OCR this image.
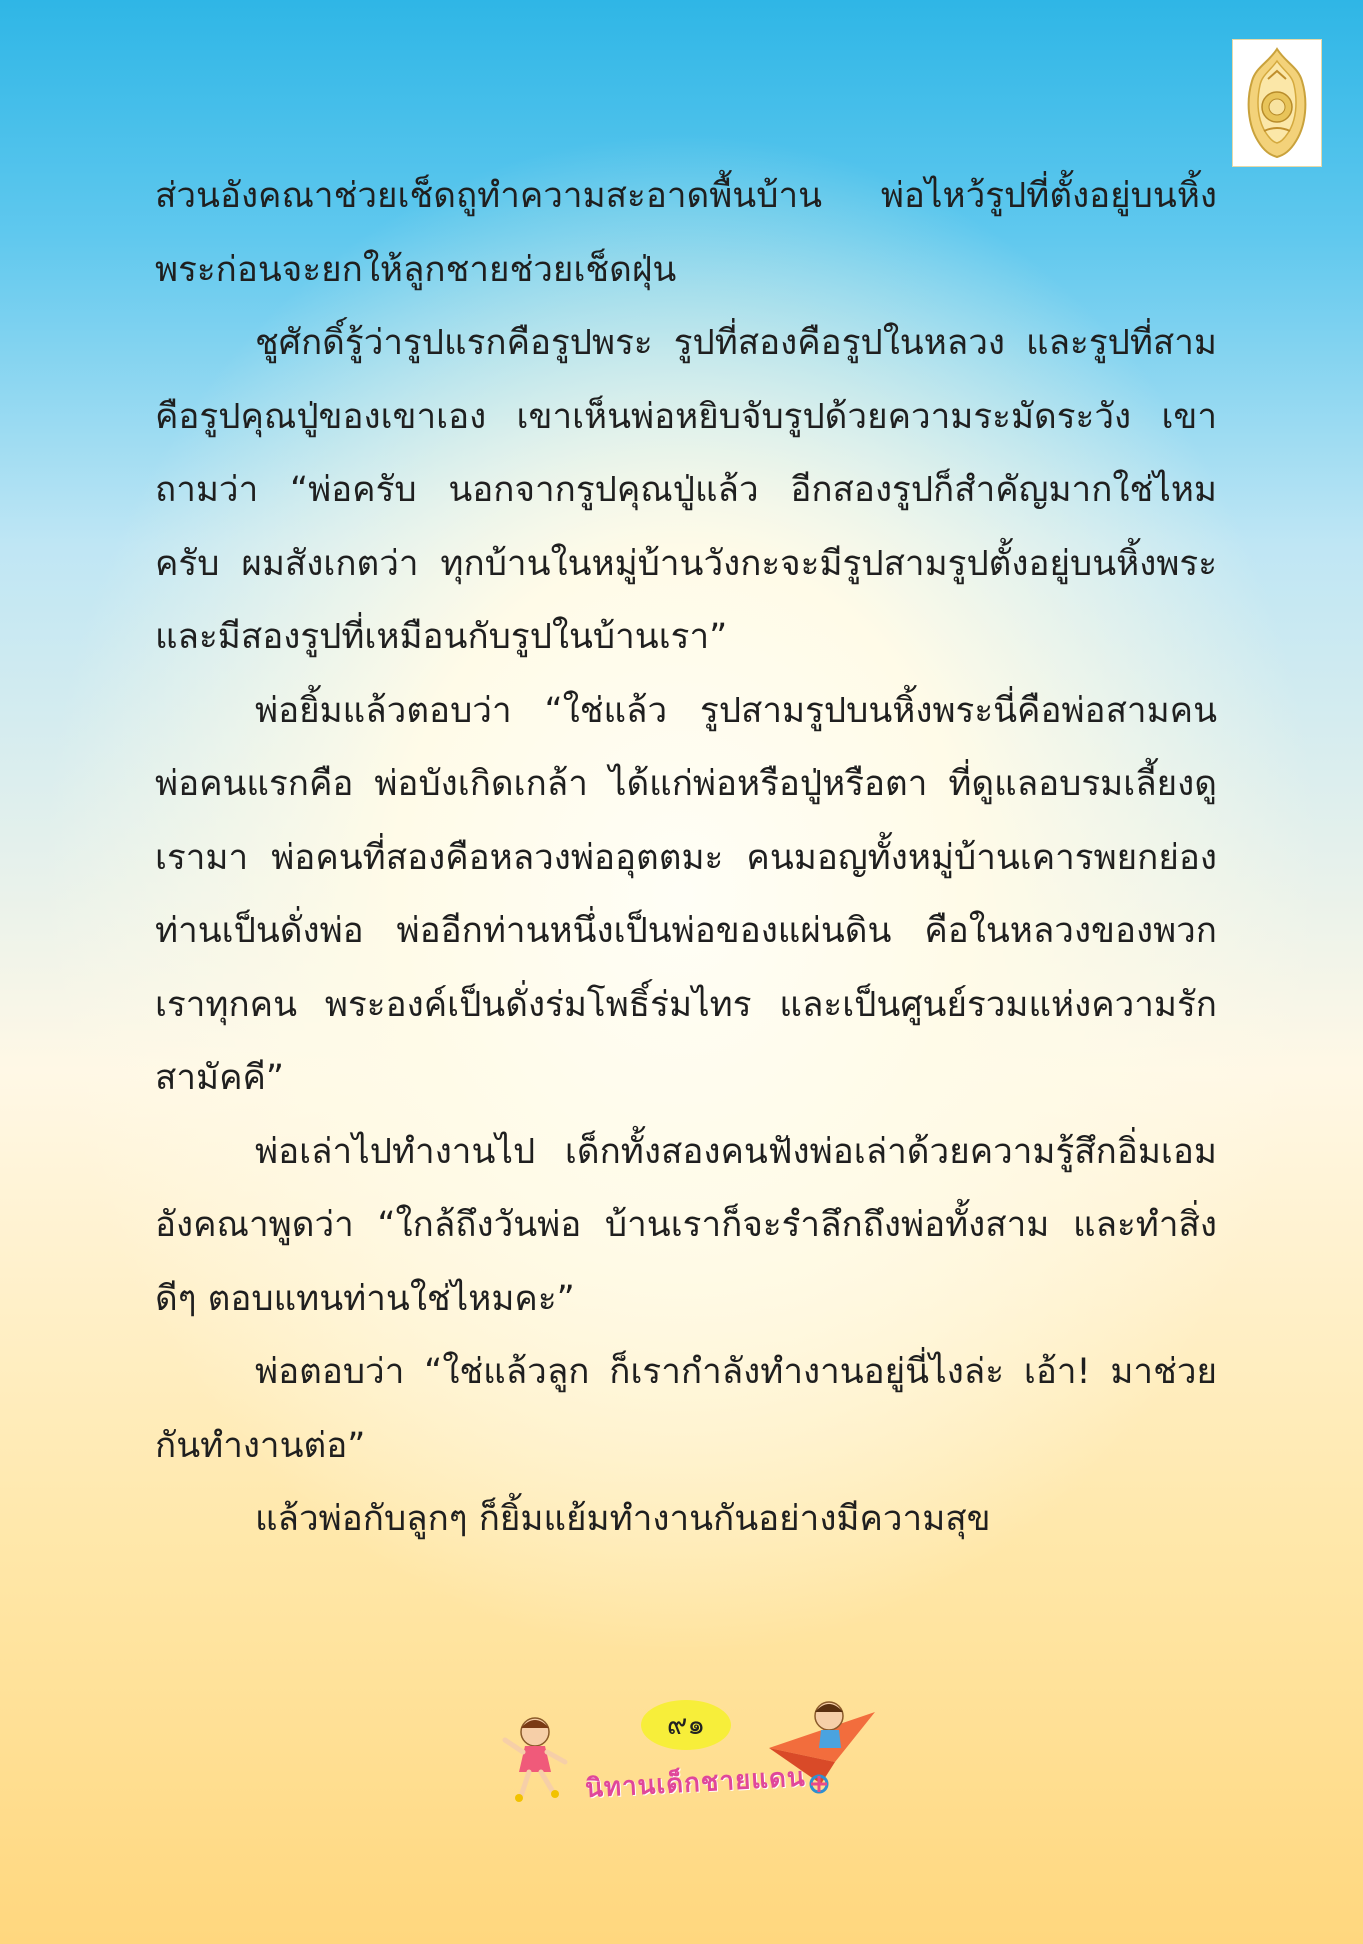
ส่วนอังคณาช่วยเช็ดถูทำความสะอาดพื้นบ้าน พ่อไหว้รูปที่ตั้งอยู่บนหิ้งพระก่อนจะยกให้ลูกชายช่วยเช็ดฝุ่น

ชูศักดิ์รู้ว่ารูปแรกคือรูปพระ รูปที่สองคือรูปในหลวง และรูปที่สามคือรูปคุณปู่ของเขาเอง เขาเห็นพ่อหยิบจับรูปด้วยความระมัดระวัง เขาถามว่า “พ่อครับ นอกจากรูปคุณปู่แล้ว อีกสองรูปก็สำคัญมากใช่ไหมครับ ผมสังเกตว่า ทุกบ้านในหมู่บ้านวังกะจะมีรูปสามรูปตั้งอยู่บนหิ้งพระ และมีสองรูปที่เหมือนกับรูปในบ้านเรา”

พ่อยิ้มแล้วตอบว่า “ใช่แล้ว รูปสามรูปบนหิ้งพระนี่คือพ่อสามคน พ่อคนแรกคือ พ่อบังเกิดเกล้า ได้แก่พ่อหรือปู่หรือตา ที่ดูแลอบรมเลี้ยงดูเรามา พ่อคนที่สองคือหลวงพ่ออุตตมะ คนมอญทั้งหมู่บ้านเคารพยกย่องท่านเป็นดั่งพ่อ พ่ออีกท่านหนึ่งเป็นพ่อของแผ่นดิน คือในหลวงของพวกเราทุกคน พระองค์เป็นดั่งร่มโพธิ์ร่มไทร และเป็นศูนย์รวมแห่งความรักสามัคคี”

พ่อเล่าไปทำงานไป เด็กทั้งสองคนฟังพ่อเล่าด้วยความรู้สึกอิ่มเอม อังคณาพูดว่า “ใกล้ถึงวันพ่อ บ้านเราก็จะรำลึกถึงพ่อทั้งสาม และทำสิ่งดีๆ ตอบแทนท่านใช่ไหมคะ”

พ่อตอบว่า “ใช่แล้วลูก ก็เรากำลังทำงานอยู่นี่ไงล่ะ เอ้า! มาช่วยกันทำงานต่อ”

แล้วพ่อกับลูกๆ ก็ยิ้มแย้มทำงานกันอย่างมีความสุข

๙๑
นิทานเด็กชายแดน
